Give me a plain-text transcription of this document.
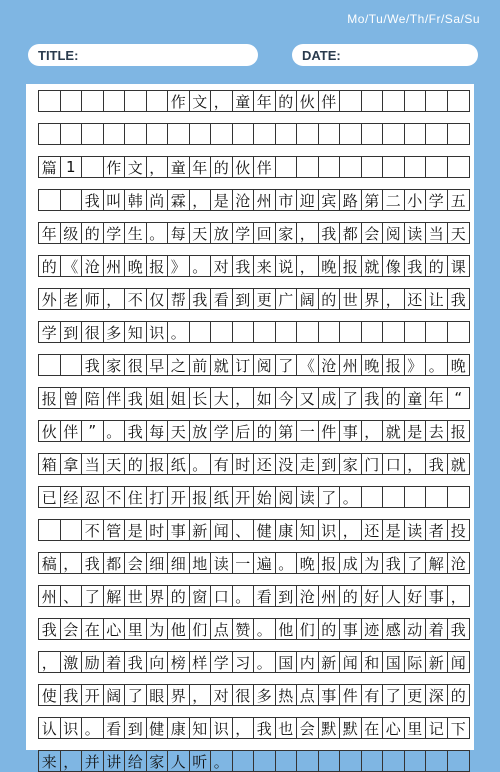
Mo/Tu/We/Th/Fr/Sa/Su
TITLE:	DATE:
作 文 ， 童 年 的 伙 伴
篇 1	作 文 ， 童 年 的 伙 伴
我 叫 韩 尚 霖 ， 是 沧 州 市 迎 宾 路 第 二 小 学 五
年 级 的 学 生 。 每 天 放 学 回 家 ， 我 都 会 阅 读 当 天
的 《 沧 州 晚 报 》 。 对 我 来 说 ， 晚 报 就 像 我 的 课
外 老 师 ， 不 仅 帮 我 看 到 更 广 阔 的 世 界 ， 还 让 我
学 到 很 多 知 识 。
我 家 很 早 之 前 就 订 阅 了 《 沧 州 晚 报 》 。 晚
报 曾 陪 伴 我 姐 姐 长 大 ， 如 今 又 成 了 我 的 童 年 “
伙 伴 ” 。 我 每 天 放 学 后 的 第 一 件 事 ， 就 是 去 报
箱 拿 当 天 的 报 纸 。 有 时 还 没 走 到 家 门 口 ， 我 就
已 经 忍 不 住 打 开 报 纸 开 始 阅 读 了 。
不 管 是 时 事 新 闻 、 健 康 知 识 ， 还 是 读 者 投
稿 ， 我 都 会 细 细 地 读 一 遍 。 晚 报 成 为 我 了 解 沧
州 、 了 解 世 界 的 窗 口 。 看 到 沧 州 的 好 人 好 事 ，
我 会 在 心 里 为 他 们 点 赞 。 他 们 的 事 迹 感 动 着 我
， 激 励 着 我 向 榜 样 学 习 。 国 内 新 闻 和 国 际 新 闻
使 我 开 阔 了 眼 界 ， 对 很 多 热 点 事 件 有 了 更 深 的
认 识 。 看 到 健 康 知 识 ， 我 也 会 默 默 在 心 里 记 下
来 ， 并 讲 给 家 人 听 。
